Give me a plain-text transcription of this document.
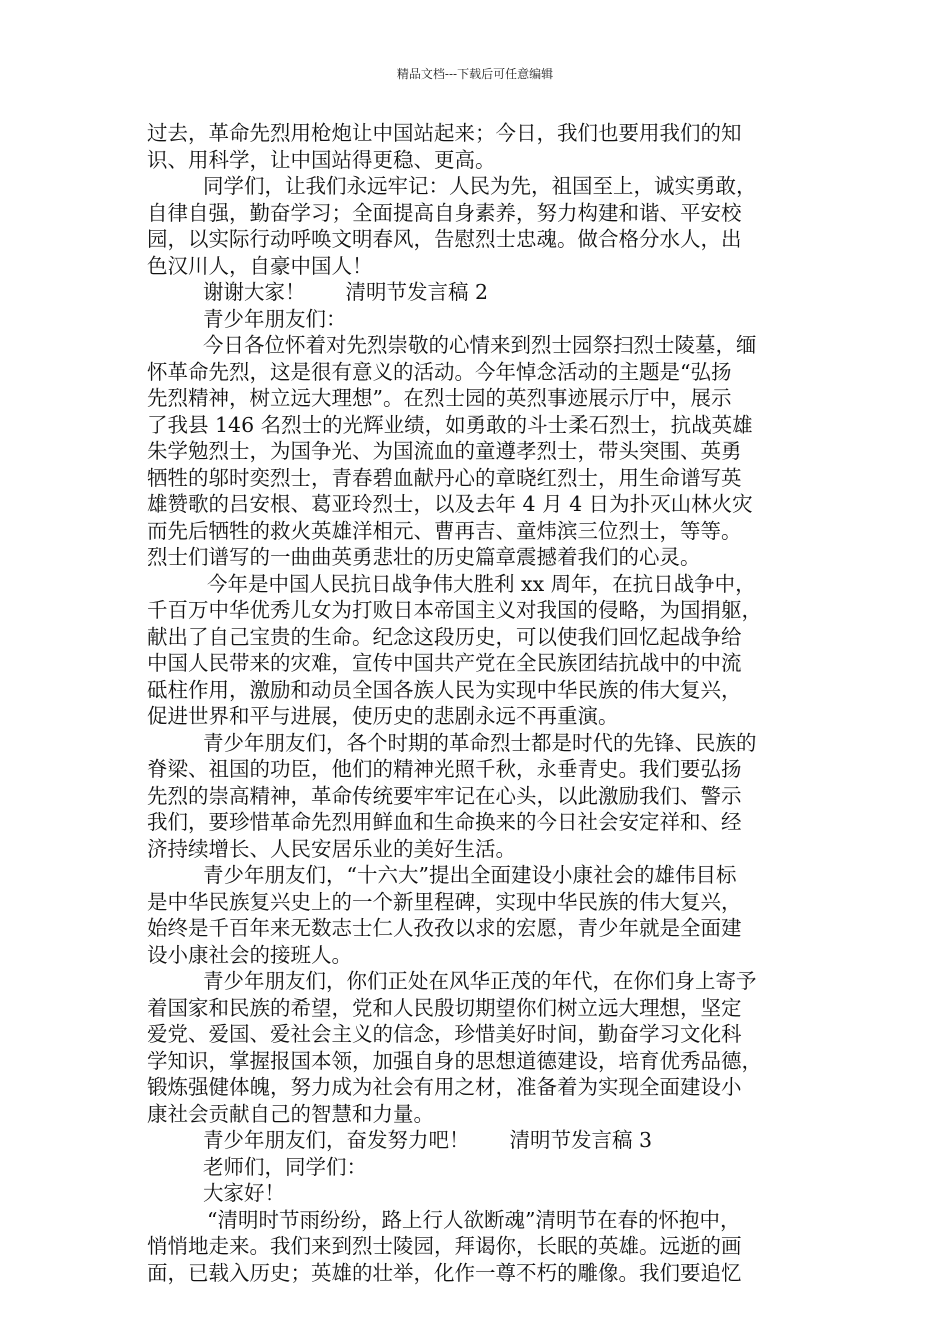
精品文档---下载后可任意编辑
过去，革命先烈用枪炮让中国站起来；今日，我们也要用我们的知
识、用科学，让中国站得更稳、更高。
同学们，让我们永远牢记：人民为先，祖国至上，诚实勇敢，
自律自强，勤奋学习；全面提高自身素养，努力构建和谐、平安校
园，以实际行动呼唤文明春风，告慰烈士忠魂。做合格分水人，出
色汉川人，自豪中国人！
谢谢大家！ 清明节发言稿 2
青少年朋友们：
今日各位怀着对先烈崇敬的心情来到烈士园祭扫烈士陵墓，缅
怀革命先烈，这是很有意义的活动。今年悼念活动的主题是“弘扬
先烈精神，树立远大理想”。在烈士园的英烈事迹展示厅中，展示
了我县 146 名烈士的光辉业绩，如勇敢的斗士柔石烈士，抗战英雄
朱学勉烈士，为国争光、为国流血的童遵孝烈士，带头突围、英勇
牺牲的邬时奕烈士，青春碧血献丹心的章晓红烈士，用生命谱写英
雄赞歌的吕安根、葛亚玲烈士，以及去年 4 月 4 日为扑灭山林火灾
而先后牺牲的救火英雄洋相元、曹再吉、童炜滨三位烈士，等等。
烈士们谱写的一曲曲英勇悲壮的历史篇章震撼着我们的心灵。
今年是中国人民抗日战争伟大胜利 xx 周年，在抗日战争中，
千百万中华优秀儿女为打败日本帝国主义对我国的侵略，为国捐躯，
献出了自己宝贵的生命。纪念这段历史，可以使我们回忆起战争给
中国人民带来的灾难，宣传中国共产党在全民族团结抗战中的中流
砥柱作用，激励和动员全国各族人民为实现中华民族的伟大复兴，
促进世界和平与进展，使历史的悲剧永远不再重演。
青少年朋友们，各个时期的革命烈士都是时代的先锋、民族的
脊梁、祖国的功臣，他们的精神光照千秋，永垂青史。我们要弘扬
先烈的崇高精神，革命传统要牢牢记在心头，以此激励我们、警示
我们，要珍惜革命先烈用鲜血和生命换来的今日社会安定祥和、经
济持续增长、人民安居乐业的美好生活。
青少年朋友们，“十六大”提出全面建设小康社会的雄伟目标
是中华民族复兴史上的一个新里程碑，实现中华民族的伟大复兴，
始终是千百年来无数志士仁人孜孜以求的宏愿，青少年就是全面建
设小康社会的接班人。
青少年朋友们，你们正处在风华正茂的年代，在你们身上寄予
着国家和民族的希望，党和人民殷切期望你们树立远大理想，坚定
爱党、爱国、爱社会主义的信念，珍惜美好时间，勤奋学习文化科
学知识，掌握报国本领，加强自身的思想道德建设，培育优秀品德，
锻炼强健体魄，努力成为社会有用之材，准备着为实现全面建设小
康社会贡献自己的智慧和力量。
青少年朋友们，奋发努力吧！ 清明节发言稿 3
老师们，同学们：
大家好！
“清明时节雨纷纷，路上行人欲断魂”清明节在春的怀抱中，
悄悄地走来。我们来到烈士陵园，拜谒你，长眠的英雄。远逝的画
面，已载入历史；英雄的壮举，化作一尊不朽的雕像。我们要追忆
